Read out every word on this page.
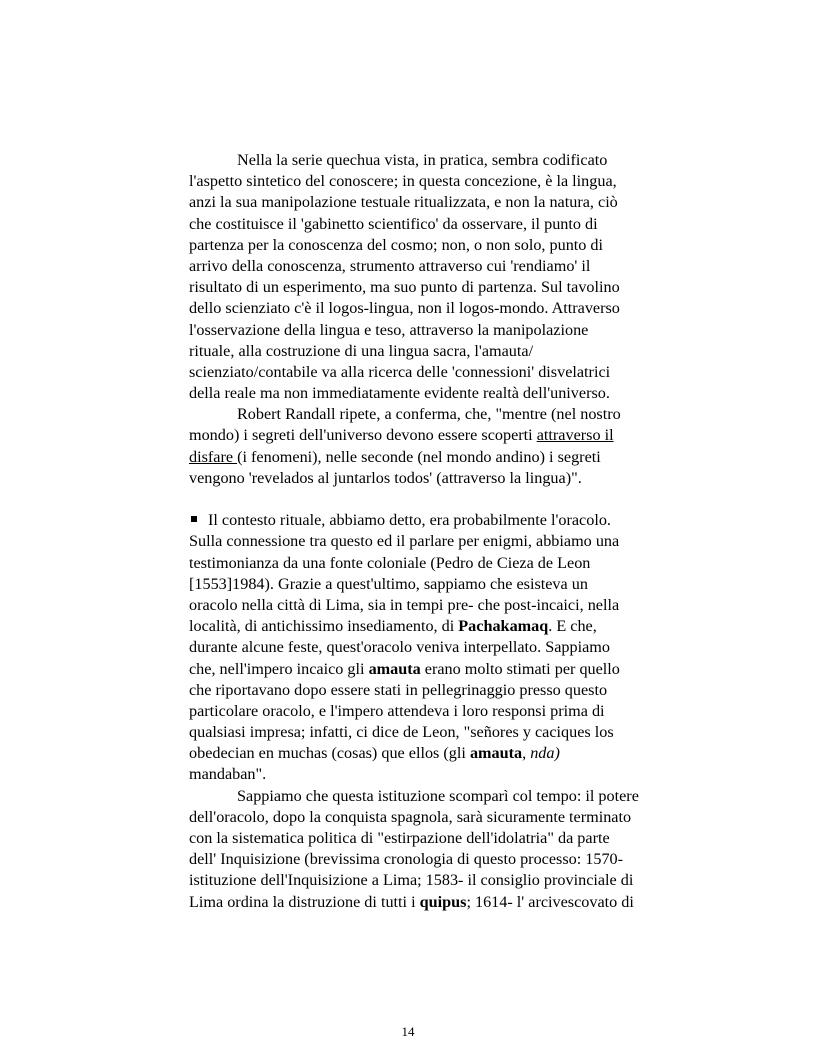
Nella la serie quechua vista, in pratica, sembra codificato
l'aspetto sintetico del conoscere; in questa concezione, è la lingua,
anzi la sua manipolazione testuale ritualizzata, e non la natura, ciò
che costituisce il 'gabinetto scientifico' da osservare, il punto di
partenza per la conoscenza del cosmo; non, o non solo, punto di
arrivo della conoscenza, strumento attraverso cui 'rendiamo' il
risultato di un esperimento, ma suo punto di partenza. Sul tavolino
dello scienziato c'è il logos-lingua, non il logos-mondo. Attraverso
l'osservazione della lingua e teso, attraverso la manipolazione
rituale, alla costruzione di una lingua sacra, l'amauta/
scienziato/contabile va alla ricerca delle 'connessioni' disvelatrici
della reale ma non immediatamente evidente realtà dell'universo.
Robert Randall ripete, a conferma, che, "mentre (nel nostro
mondo) i segreti dell'universo devono essere scoperti attraverso il
disfare (i fenomeni), nelle seconde (nel mondo andino) i segreti
vengono 'revelados al juntarlos todos' (attraverso la lingua)".
Il contesto rituale, abbiamo detto, era probabilmente l'oracolo.
Sulla connessione tra questo ed il parlare per enigmi, abbiamo una
testimonianza da una fonte coloniale (Pedro de Cieza de Leon
[1553]1984). Grazie a quest'ultimo, sappiamo che esisteva un
oracolo nella città di Lima, sia in tempi pre- che post-incaici, nella
località, di antichissimo insediamento, di Pachakamaq. E che,
durante alcune feste, quest'oracolo veniva interpellato. Sappiamo
che, nell'impero incaico gli amauta erano molto stimati per quello
che riportavano dopo essere stati in pellegrinaggio presso questo
particolare oracolo, e l'impero attendeva i loro responsi prima di
qualsiasi impresa; infatti, ci dice de Leon, "señores y caciques los
obedecian en muchas (cosas) que ellos (gli amauta, nda)
mandaban".
Sappiamo che questa istituzione scomparì col tempo: il potere
dell'oracolo, dopo la conquista spagnola, sarà sicuramente terminato
con la sistematica politica di "estirpazione dell'idolatria" da parte
dell' Inquisizione (brevissima cronologia di questo processo: 1570-
istituzione dell'Inquisizione a Lima; 1583- il consiglio provinciale di
Lima ordina la distruzione di tutti i quipus; 1614- l' arcivescovato di
14
